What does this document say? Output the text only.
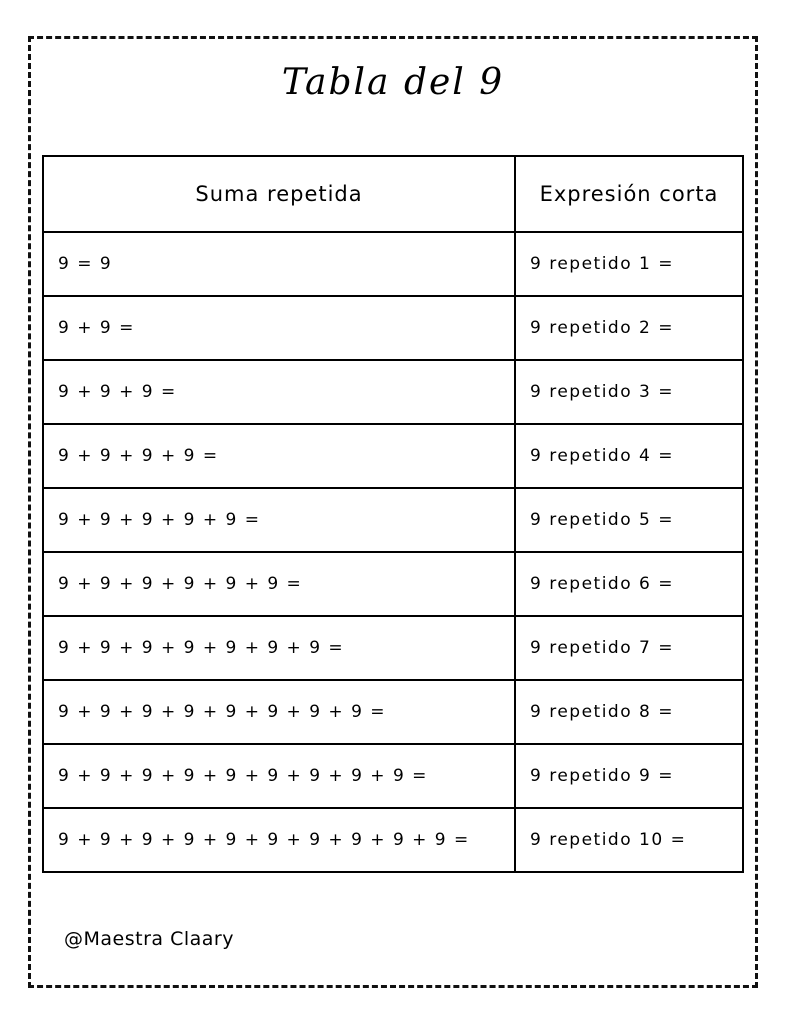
Tabla del 9
Suma repetida	Expresión corta
9 = 9	9 repetido 1 =
9 + 9 =	9 repetido 2 =
9 + 9 + 9 =	9 repetido 3 =
9 + 9 + 9 + 9 =	9 repetido 4 =
9 + 9 + 9 + 9 + 9 =	9 repetido 5 =
9 + 9 + 9 + 9 + 9 + 9 =	9 repetido 6 =
9 + 9 + 9 + 9 + 9 + 9 + 9 =	9 repetido 7 =
9 + 9 + 9 + 9 + 9 + 9 + 9 + 9 =	9 repetido 8 =
9 + 9 + 9 + 9 + 9 + 9 + 9 + 9 + 9 =	9 repetido 9 =
9 + 9 + 9 + 9 + 9 + 9 + 9 + 9 + 9 + 9 =	9 repetido 10 =
@Maestra Claary
